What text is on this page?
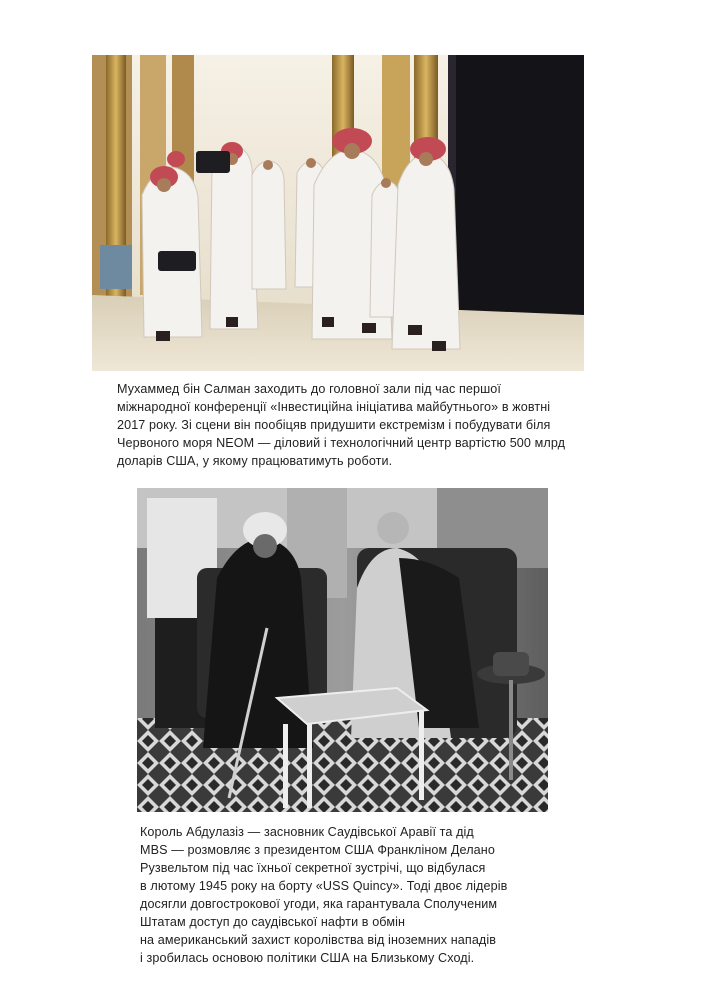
Мухаммед бін Салман заходить до головної зали під час першої
міжнародної конференції «Інвестиційна ініціатива майбутнього» в жовтні
2017 року. Зі сцени він пообіцяв придушити екстремізм і побудувати біля
Червоного моря NEOM — діловий і технологічний центр вартістю 500 млрд
доларів США, у якому працюватимуть роботи.
Король Абдулазіз — засновник Саудівської Аравії та дід
MBS — розмовляє з президентом США Франкліном Делано
Рузвельтом під час їхньої секретної зустрічі, що відбулася
в лютому 1945 року на борту «USS Quincy». Тоді двоє лідерів
досягли довгострокової угоди, яка гарантувала Сполученим
Штатам доступ до саудівської нафти в обмін
на американський захист королівства від іноземних нападів
і зробилась основою політики США на Близькому Сході.
